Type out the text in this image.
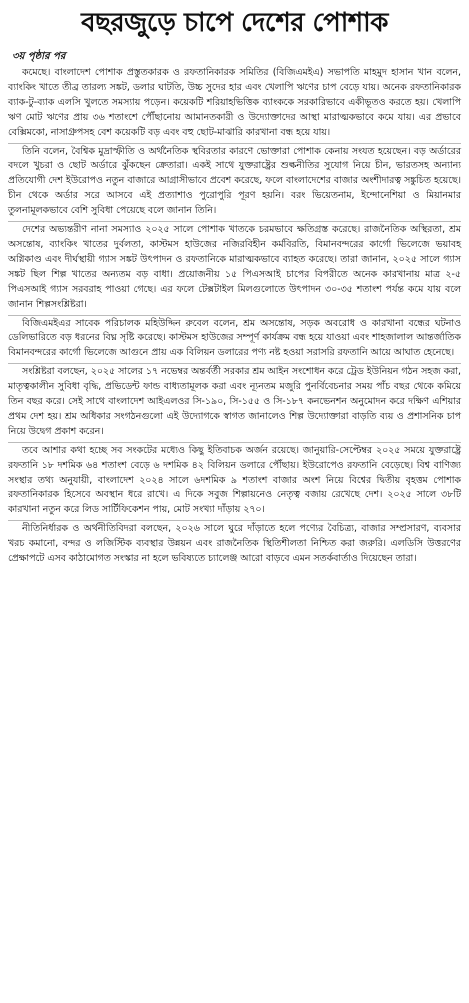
বছরজুড়ে চাপে দেশের পোশাক
৩য় পৃষ্ঠার পর

কমেছে। বাংলাদেশ পোশাক প্রস্তুতকারক ও রফতানিকারক সমিতির (বিজিএমইএ) সভাপতি মাহমুদ হাসান খান বলেন, ব্যাংকিং খাতে তীব্র তারল্য সঙ্কট, ডলার ঘাটতি, উচ্চ সুদের হার এবং খেলাপি ঋণের চাপ বেড়ে যায়। অনেক রফতানিকারক ব্যাক-টু-ব্যাক এলসি খুলতে সমস্যায় পড়েন। কয়েকটি শরিয়াহভিত্তিক ব্যাংককে সরকারিভাবে একীভূতও করতে হয়। খেলাপি ঋণ মোট ঋণের প্রায় ৩৬ শতাংশে পৌঁছানোয় আমানতকারী ও উদ্যোক্তাদের আস্থা মারাত্মকভাবে কমে যায়। এর প্রভাবে বেক্সিমকো, নাসাগ্রুপসহ বেশ কয়েকটি বড় এবং বহু ছোট-মাঝারি কারখানা বন্ধ হয়ে যায়।

তিনি বলেন, বৈশ্বিক মুদ্রাস্ফীতি ও অর্থনৈতিক স্থবিরতার কারণে ভোক্তারা পোশাক কেনায় সংযত হয়েছেন। বড় অর্ডারের বদলে খুচরা ও ছোট অর্ডারে ঝুঁকছেন ক্রেতারা। একই সাথে যুক্তরাষ্ট্রের শুল্কনীতির সুযোগ নিয়ে চীন, ভারতসহ অন্যান্য প্রতিযোগী দেশ ইউরোপও নতুন বাজারে আগ্রাসীভাবে প্রবেশ করেছে, ফলে বাংলাদেশের বাজার অংশীদারত্ব সঙ্কুচিত হয়েছে। চীন থেকে অর্ডার সরে আসবে এই প্রত্যাশাও পুরোপুরি পূরণ হয়নি। বরং ভিয়েতনাম, ইন্দোনেশিয়া ও মিয়ানমার তুলনামূলকভাবে বেশি সুবিধা পেয়েছে বলে জানান তিনি।

দেশের অভ্যন্তরীণ নানা সমস্যাও ২০২৫ সালে পোশাক খাতকে চরমভাবে ক্ষতিগ্রস্ত করেছে। রাজনৈতিক অস্থিরতা, শ্রম অসন্তোষ, ব্যাংকিং খাতের দুর্বলতা, কাস্টমস হাউজের নজিরবিহীন কর্মবিরতি, বিমানবন্দরের কার্গো ভিলেজে ভয়াবহ অগ্নিকাণ্ড এবং দীর্ঘস্থায়ী গ্যাস সঙ্কট উৎপাদন ও রফতানিকে মারাত্মকভাবে ব্যাহত করেছে। তারা জানান, ২০২৫ সালে গ্যাস সঙ্কট ছিল শিল্প খাতের অন্যতম বড় বাধা। প্রয়োজনীয় ১৫ পিএসআই চাপের বিপরীতে অনেক কারখানায় মাত্র ২-৫ পিএসআই গ্যাস সরবরাহ পাওয়া গেছে। এর ফলে টেক্সটাইল মিলগুলোতে উৎপাদন ৩০-৩৫ শতাংশ পর্যন্ত কমে যায় বলে জানান শিল্পসংশ্লিষ্টরা।

বিজিএমইএর সাবেক পরিচালক মহিউদ্দিন রুবেল বলেন, শ্রম অসন্তোষ, সড়ক অবরোধ ও কারখানা বন্ধের ঘটনাও ডেলিভারিতে বড় ধরনের বিঘ্ন সৃষ্টি করেছে। কাস্টমস হাউজের সম্পূর্ণ কার্যক্রম বন্ধ হয়ে যাওয়া এবং শাহজালাল আন্তর্জাতিক বিমানবন্দরের কার্গো ভিলেজে আগুনে প্রায় এক বিলিয়ন ডলারের পণ্য নষ্ট হওয়া সরাসরি রফতানি আয়ে আঘাত হেনেছে।

সংশ্লিষ্টরা বলছেন, ২০২৫ সালের ১৭ নভেম্বর অন্তর্বর্তী সরকার শ্রম আইন সংশোধন করে ট্রেড ইউনিয়ন গঠন সহজ করা, মাতৃত্বকালীন সুবিধা বৃদ্ধি, প্রভিডেন্ট ফান্ড বাধ্যতামূলক করা এবং ন্যূনতম মজুরি পুনর্বিবেচনার সময় পাঁচ বছর থেকে কমিয়ে তিন বছর করে। সেই সাথে বাংলাদেশ আইএলওর সি-১৯০, সি-১৫৫ ও সি-১৮৭ কনভেনশন অনুমোদন করে দক্ষিণ এশিয়ার প্রথম দেশ হয়। শ্রম অধিকার সংগঠনগুলো এই উদ্যোগকে স্বাগত জানালেও শিল্প উদ্যোক্তারা বাড়তি ব্যয় ও প্রশাসনিক চাপ নিয়ে উদ্বেগ প্রকাশ করেন।

তবে আশার কথা হচ্ছে সব সংকটের মধ্যেও কিছু ইতিবাচক অর্জন রয়েছে। জানুয়ারি-সেপ্টেম্বর ২০২৫ সময়ে যুক্তরাষ্ট্রে রফতানি ১৮ দশমিক ৬৪ শতাংশ বেড়ে ৬ দশমিক ৪২ বিলিয়ন ডলারে পৌঁছায়। ইউরোপেও রফতানি বেড়েছে। বিশ্ব বাণিজ্য সংস্থার তথ্য অনুযায়ী, বাংলাদেশ ২০২৪ সালে ৬দশমিক ৯ শতাংশ বাজার অংশ নিয়ে বিশ্বের দ্বিতীয় বৃহত্তম পোশাক রফতানিকারক হিসেবে অবস্থান ধরে রাখে। এ দিকে সবুজ শিল্পায়নেও নেতৃত্ব বজায় রেখেছে দেশ। ২০২৫ সালে ৩৮টি কারখানা নতুন করে লিড সার্টিফিকেশন পায়, মোট সংখ্যা দাঁড়ায় ২৭০।

নীতিনির্ধারক ও অর্থনীতিবিদরা বলছেন, ২০২৬ সালে ঘুরে দাঁড়াতে হলে পণ্যের বৈচিত্র্য, বাজার সম্প্রসারণ, ব্যবসার খরচ কমানো, বন্দর ও লজিস্টিক ব্যবস্থার উন্নয়ন এবং রাজনৈতিক স্থিতিশীলতা নিশ্চিত করা জরুরি। এলডিসি উত্তরণের প্রেক্ষাপটে এসব কাঠামোগত সংস্কার না হলে ভবিষ্যতে চ্যালেঞ্জ আরো বাড়বে এমন সতর্কবার্তাও দিয়েছেন তারা।
